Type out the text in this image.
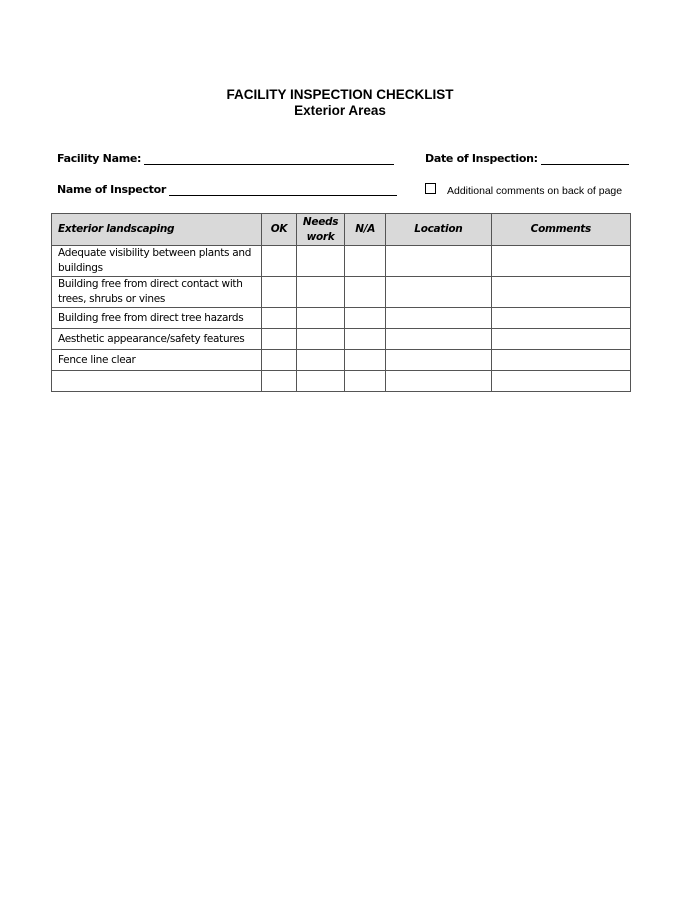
FACILITY INSPECTION CHECKLIST
Exterior Areas
Facility Name:	Date of Inspection:
Name of Inspector	Additional comments on back of page
Exterior landscaping	OK	Needs work	N/A	Location	Comments
Adequate visibility between plants and buildings					
Building free from direct contact with trees, shrubs or vines					
Building free from direct tree hazards					
Aesthetic appearance/safety features					
Fence line clear					
